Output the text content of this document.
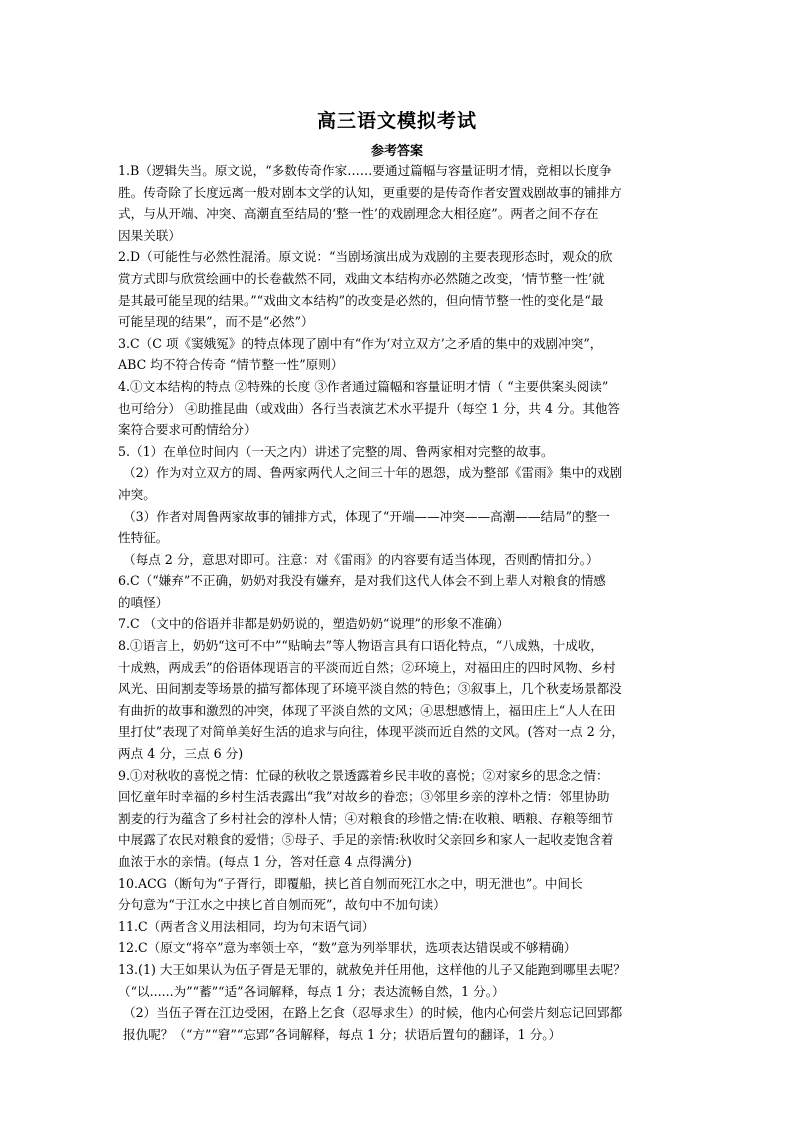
高三语文模拟考试
参考答案
1.B（逻辑失当。原文说，“多数传奇作家……要通过篇幅与容量证明才情，竞相以长度争
胜。传奇除了长度远离一般对剧本文学的认知，更重要的是传奇作者安置戏剧故事的铺排方
式，与从开端、冲突、高潮直至结局的‘整一性’的戏剧理念大相径庭”。两者之间不存在
因果关联）
2.D（可能性与必然性混淆。原文说：“当剧场演出成为戏剧的主要表现形态时，观众的欣
赏方式即与欣赏绘画中的长卷截然不同，戏曲文本结构亦必然随之改变，‘情节整一性’就
是其最可能呈现的结果。”“戏曲文本结构”的改变是必然的，但向情节整一性的变化是“最
可能呈现的结果”，而不是“必然”）
3.C（C 项《窦娥冤》的特点体现了剧中有“作为‘对立双方’之矛盾的集中的戏剧冲突”，
ABC 均不符合传奇 “情节整一性”原则）
4.①文本结构的特点 ②特殊的长度 ③作者通过篇幅和容量证明才情（ “主要供案头阅读”
也可给分） ④助推昆曲（或戏曲）各行当表演艺术水平提升（每空 1 分，共 4 分。其他答
案符合要求可酌情给分）
5.（1）在单位时间内（一天之内）讲述了完整的周、鲁两家相对完整的故事。
（2）作为对立双方的周、鲁两家两代人之间三十年的恩怨，成为整部《雷雨》集中的戏剧
冲突。
（3）作者对周鲁两家故事的铺排方式，体现了“开端——冲突——高潮——结局”的整一
性特征。
（每点 2 分，意思对即可。注意：对《雷雨》的内容要有适当体现，否则酌情扣分。）
6.C（“嫌弃”不正确，奶奶对我没有嫌弃，是对我们这代人体会不到上辈人对粮食的情感
的嗔怪）
7.C （文中的俗语并非都是奶奶说的，塑造奶奶“说理”的形象不准确）
8.①语言上，奶奶“这可不中”“贴晌去”等人物语言具有口语化特点，“八成熟，十成收，
十成熟，两成丢”的俗语体现语言的平淡而近自然；②环境上，对福田庄的四时风物、乡村
风光、田间割麦等场景的描写都体现了环境平淡自然的特色；③叙事上，几个秋麦场景都没
有曲折的故事和激烈的冲突，体现了平淡自然的文风；④思想感情上，福田庄上“人人在田
里打仗”表现了对简单美好生活的追求与向往，体现平淡而近自然的文风。(答对一点 2 分，
两点 4 分，三点 6 分)
9.①对秋收的喜悦之情：忙碌的秋收之景透露着乡民丰收的喜悦；②对家乡的思念之情：
回忆童年时幸福的乡村生活表露出“我”对故乡的眷恋；③邻里乡亲的淳朴之情：邻里协助
割麦的行为蕴含了乡村社会的淳朴人情；④对粮食的珍惜之情:在收粮、晒粮、存粮等细节
中展露了农民对粮食的爱惜；⑤母子、手足的亲情:秋收时父亲回乡和家人一起收麦饱含着
血浓于水的亲情。(每点 1 分，答对任意 4 点得满分)
10.ACG（断句为“子胥行，即覆船，挟匕首自刎而死江水之中，明无泄也”。中间长
分句意为“于江水之中挟匕首自刎而死”，故句中不加句读）
11.C（两者含义用法相同，均为句末语气词）
12.C（原文“将卒”意为率领士卒，“数”意为列举罪状，选项表达错误或不够精确）
13.(1) 大王如果认为伍子胥是无罪的，就赦免并任用他，这样他的儿子又能跑到哪里去呢？
（“以......为”“蓄”“适”各词解释，每点 1 分；表达流畅自然，1 分。）
（2）当伍子胥在江边受困，在路上乞食（忍辱求生）的时候，他内心何尝片刻忘记回郢都
报仇呢？（“方”“窘”“忘郢”各词解释，每点 1 分；状语后置句的翻译，1 分。）
